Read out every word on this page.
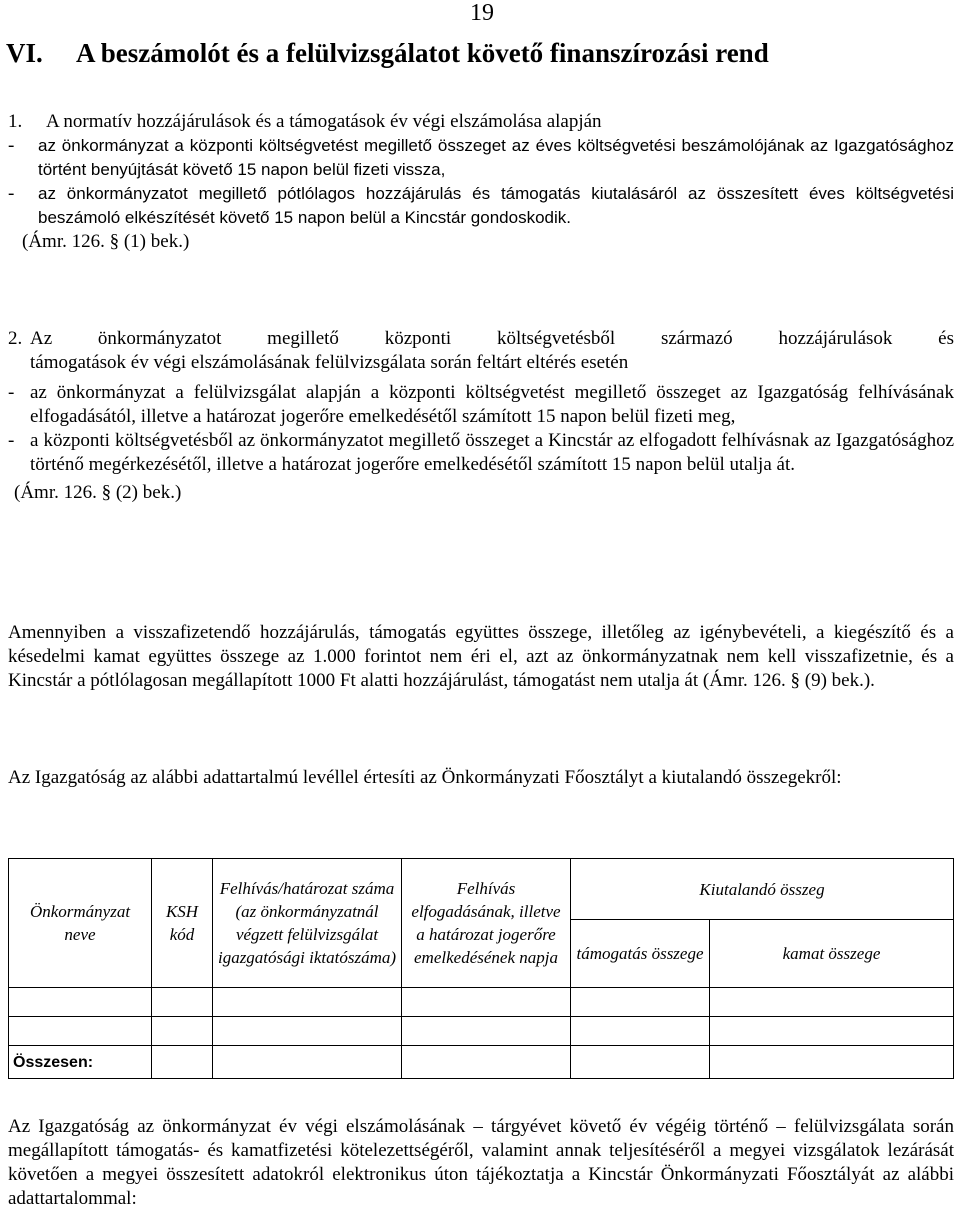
19
VI. A beszámolót és a felülvizsgálatot követő finanszírozási rend
1.	A normatív hozzájárulások és a támogatások év végi elszámolása alapján
-	az önkormányzat a központi költségvetést megillető összeget az éves költségvetési beszámolójának az Igazgatósághoz történt benyújtását követő 15 napon belül fizeti vissza,
-	az önkormányzatot megillető pótlólagos hozzájárulás és támogatás kiutalásáról az összesített éves költségvetési beszámoló elkészítését követő 15 napon belül a Kincstár gondoskodik.
(Ámr. 126. § (1) bek.)
2. Az önkormányzatot megillető központi költségvetésből származó hozzájárulások és
támogatások év végi elszámolásának felülvizsgálata során feltárt eltérés esetén
- az önkormányzat a felülvizsgálat alapján a központi költségvetést megillető összeget az Igazgatóság felhívásának elfogadásától, illetve a határozat jogerőre emelkedésétől számított 15 napon belül fizeti meg,
- a központi költségvetésből az önkormányzatot megillető összeget a Kincstár az elfogadott felhívásnak az Igazgatósághoz történő megérkezésétől, illetve a határozat jogerőre emelkedésétől számított 15 napon belül utalja át.
(Ámr. 126. § (2) bek.)

Amennyiben a visszafizetendő hozzájárulás, támogatás együttes összege, illetőleg az igénybevételi, a kiegészítő és a késedelmi kamat együttes összege az 1.000 forintot nem éri el, azt az önkormányzatnak nem kell visszafizetnie, és a Kincstár a pótlólagosan megállapított 1000 Ft alatti hozzájárulást, támogatást nem utalja át (Ámr. 126. § (9) bek.).

Az Igazgatóság az alábbi adattartalmú levéllel értesíti az Önkormányzati Főosztályt a kiutalandó összegekről:

Önkormányzat neve	KSH kód	Felhívás/határozat száma (az önkormányzatnál végzett felülvizsgálat igazgatósági iktatószáma)	Felhívás elfogadásának, illetve a határozat jogerőre emelkedésének napja	Kiutalandó összeg	
				támogatás összege	kamat összege

Összesen:					

Az Igazgatóság az önkormányzat év végi elszámolásának – tárgyévet követő év végéig történő – felülvizsgálata során megállapított támogatás- és kamatfizetési kötelezettségéről, valamint annak teljesítéséről a megyei vizsgálatok lezárását követően a megyei összesített adatokról elektronikus úton tájékoztatja a Kincstár Önkormányzati Főosztályát az alábbi adattartalommal:
